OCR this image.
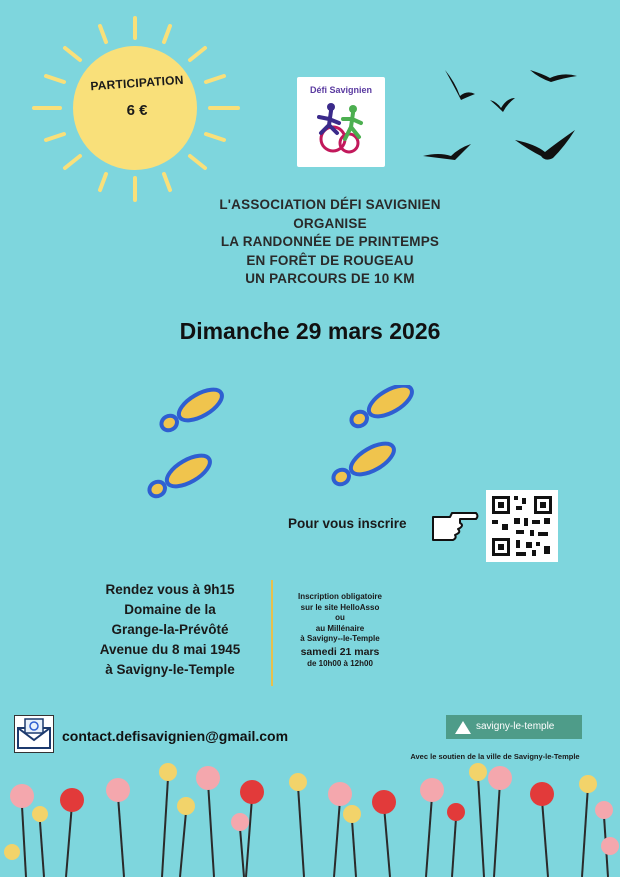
PARTICIPATION
6 €
Défi Savignien
L'ASSOCIATION DÉFI SAVIGNIEN
ORGANISE
LA RANDONNÉE DE PRINTEMPS
EN FORÊT DE ROUGEAU
UN PARCOURS DE 10 KM
Dimanche 29 mars 2026
Pour vous inscrire
Rendez vous à 9h15
Domaine de la
Grange-la-Prévôté
Avenue du 8 mai 1945
à Savigny-le-Temple
Inscription obligatoire
sur le site HelloAsso
ou
au Millénaire
à Savigny--le-Temple
samedi 21 mars
de 10h00 à 12h00
contact.defisavignien@gmail.com
savigny-le-temple
Avec le soutien de la ville de Savigny-le-Temple
